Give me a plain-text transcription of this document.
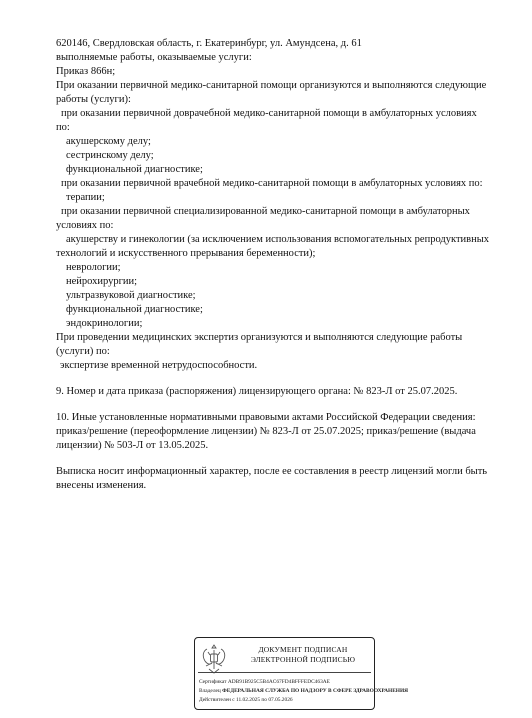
620146, Свердловская область, г. Екатеринбург, ул. Амундсена, д. 61
выполняемые работы, оказываемые услуги:
Приказ 866н;
При оказании первичной медико-санитарной помощи организуются и выполняются следующие
работы (услуги):
при оказании первичной доврачебной медико-санитарной помощи в амбулаторных условиях
по:
акушерскому делу;
сестринскому делу;
функциональной диагностике;
при оказании первичной врачебной медико-санитарной помощи в амбулаторных условиях по:
терапии;
при оказании первичной специализированной медико-санитарной помощи в амбулаторных
условиях по:
акушерству и гинекологии (за исключением использования вспомогательных репродуктивных
технологий и искусственного прерывания беременности);
неврологии;
нейрохирургии;
ультразвуковой диагностике;
функциональной диагностике;
эндокринологии;
При проведении медицинских экспертиз организуются и выполняются следующие работы
(услуги) по:
экспертизе временной нетрудоспособности.
9. Номер и дата приказа (распоряжения) лицензирующего органа: № 823-Л от 25.07.2025.
10. Иные установленные нормативными правовыми актами Российской Федерации сведения:
приказ/решение (переоформление лицензии) № 823-Л от 25.07.2025; приказ/решение (выдача
лицензии) № 503-Л от 13.05.2025.
Выписка носит информационный характер, после ее составления в реестр лицензий могли быть
внесены изменения.
ДОКУМЕНТ ПОДПИСАН
ЭЛЕКТРОННОЙ ПОДПИСЬЮ
Сертификат ADB91B925C5B4AC67FD4BFFFEDC463AE
Владелец ФЕДЕРАЛЬНАЯ СЛУЖБА ПО НАДЗОРУ В СФЕРЕ ЗДРАВООХРАНЕНИЯ
Действителен с 11.02.2025 по 07.05.2026
